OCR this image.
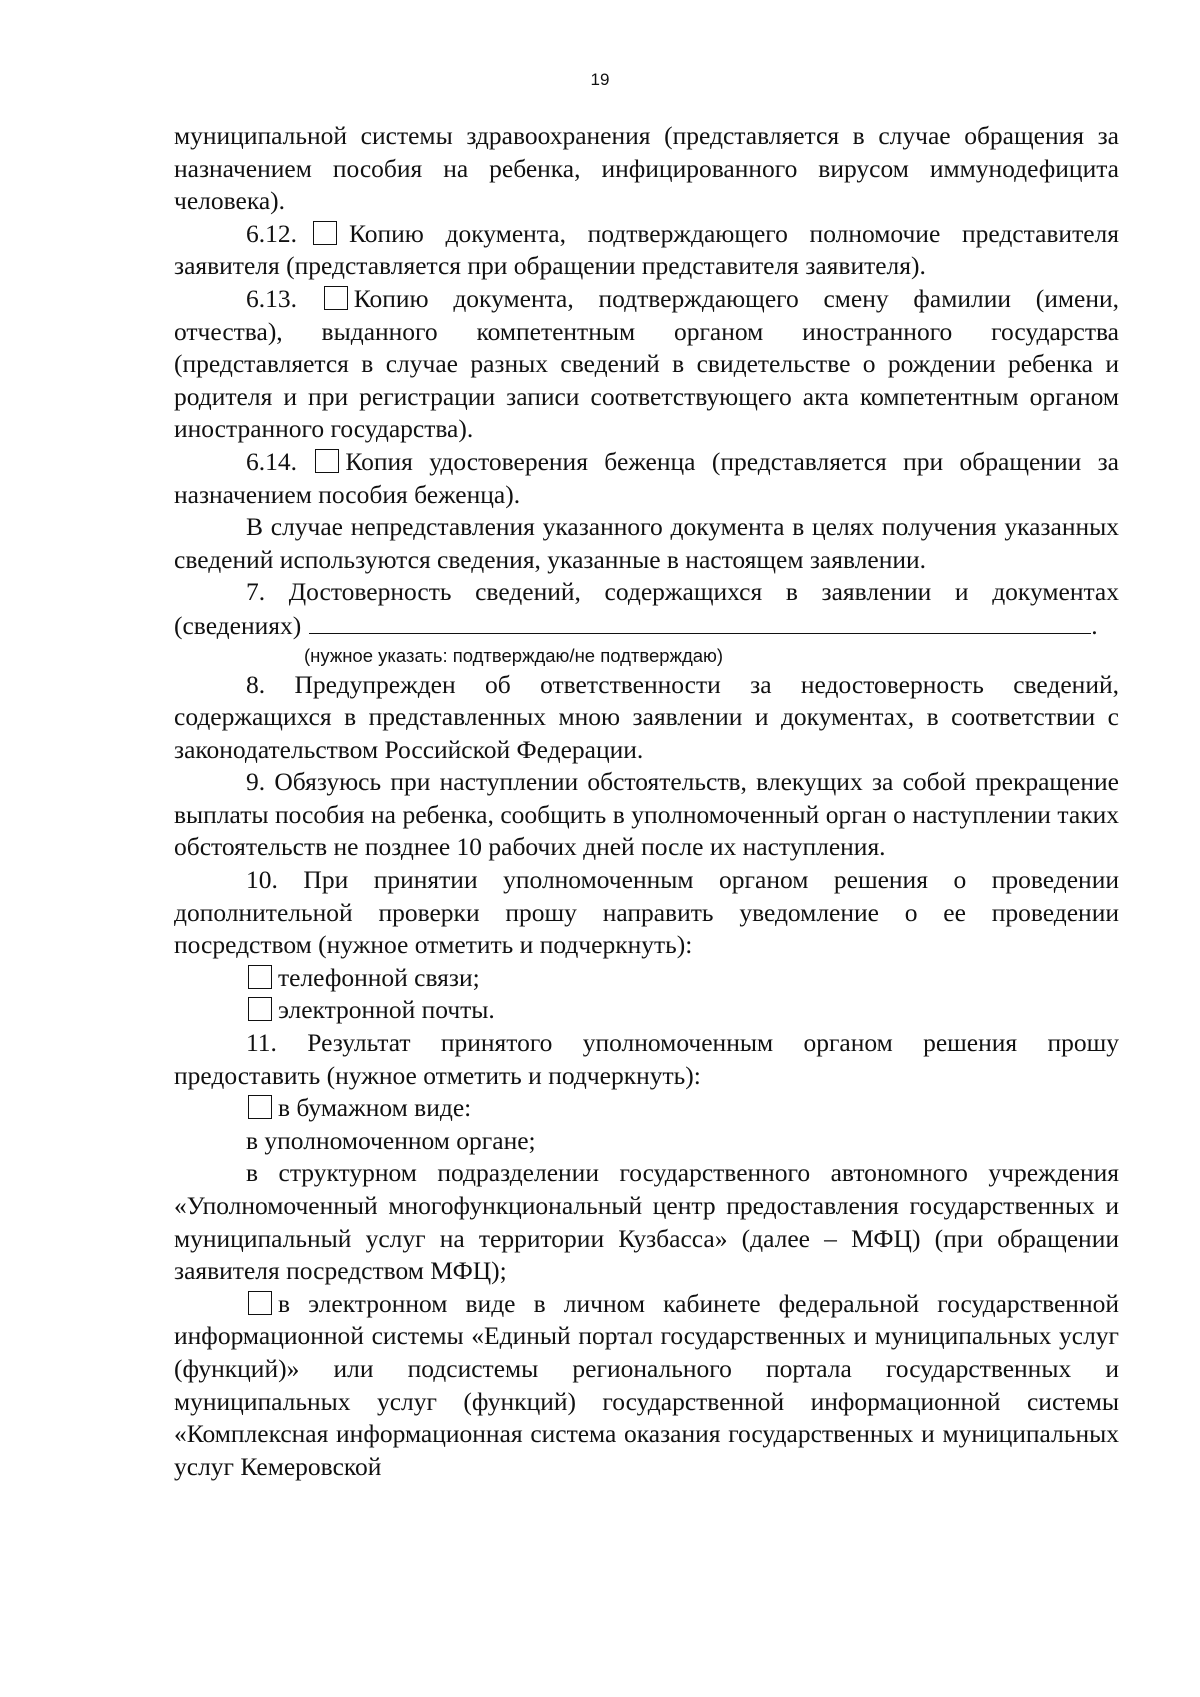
19

муниципальной системы здравоохранения (представляется в случае обращения за назначением пособия на ребенка, инфицированного вирусом иммунодефицита человека).

6.12. Копию документа, подтверждающего полномочие представителя заявителя (представляется при обращении представителя заявителя).

6.13. Копию документа, подтверждающего смену фамилии (имени, отчества), выданного компетентным органом иностранного государства (представляется в случае разных сведений в свидетельстве о рождении ребенка и родителя и при регистрации записи соответствующего акта компетентным органом иностранного государства).

6.14. Копия удостоверения беженца (представляется при обращении за назначением пособия беженца).

В случае непредставления указанного документа в целях получения указанных сведений используются сведения, указанные в настоящем заявлении.

7. Достоверность сведений, содержащихся в заявлении и документах

(сведениях)	.

(нужное указать: подтверждаю/не подтверждаю)

8. Предупрежден об ответственности за недостоверность сведений, содержащихся в представленных мною заявлении и документах, в соответствии с законодательством Российской Федерации.

9. Обязуюсь при наступлении обстоятельств, влекущих за собой прекращение выплаты пособия на ребенка, сообщить в уполномоченный орган о наступлении таких обстоятельств не позднее 10 рабочих дней после их наступления.

10. При принятии уполномоченным органом решения о проведении дополнительной проверки прошу направить уведомление о ее проведении посредством (нужное отметить и подчеркнуть):

телефонной связи;

электронной почты.

11. Результат принятого уполномоченным органом решения прошу предоставить (нужное отметить и подчеркнуть):

в бумажном виде:

в уполномоченном органе;

в структурном подразделении государственного автономного учреждения «Уполномоченный многофункциональный центр предоставления государственных и муниципальный услуг на территории Кузбасса» (далее – МФЦ) (при обращении заявителя посредством МФЦ);

в электронном виде в личном кабинете федеральной государственной информационной системы «Единый портал государственных и муниципальных услуг (функций)» или подсистемы регионального портала государственных и муниципальных услуг (функций) государственной информационной системы «Комплексная информационная система оказания государственных и муниципальных услуг Кемеровской
